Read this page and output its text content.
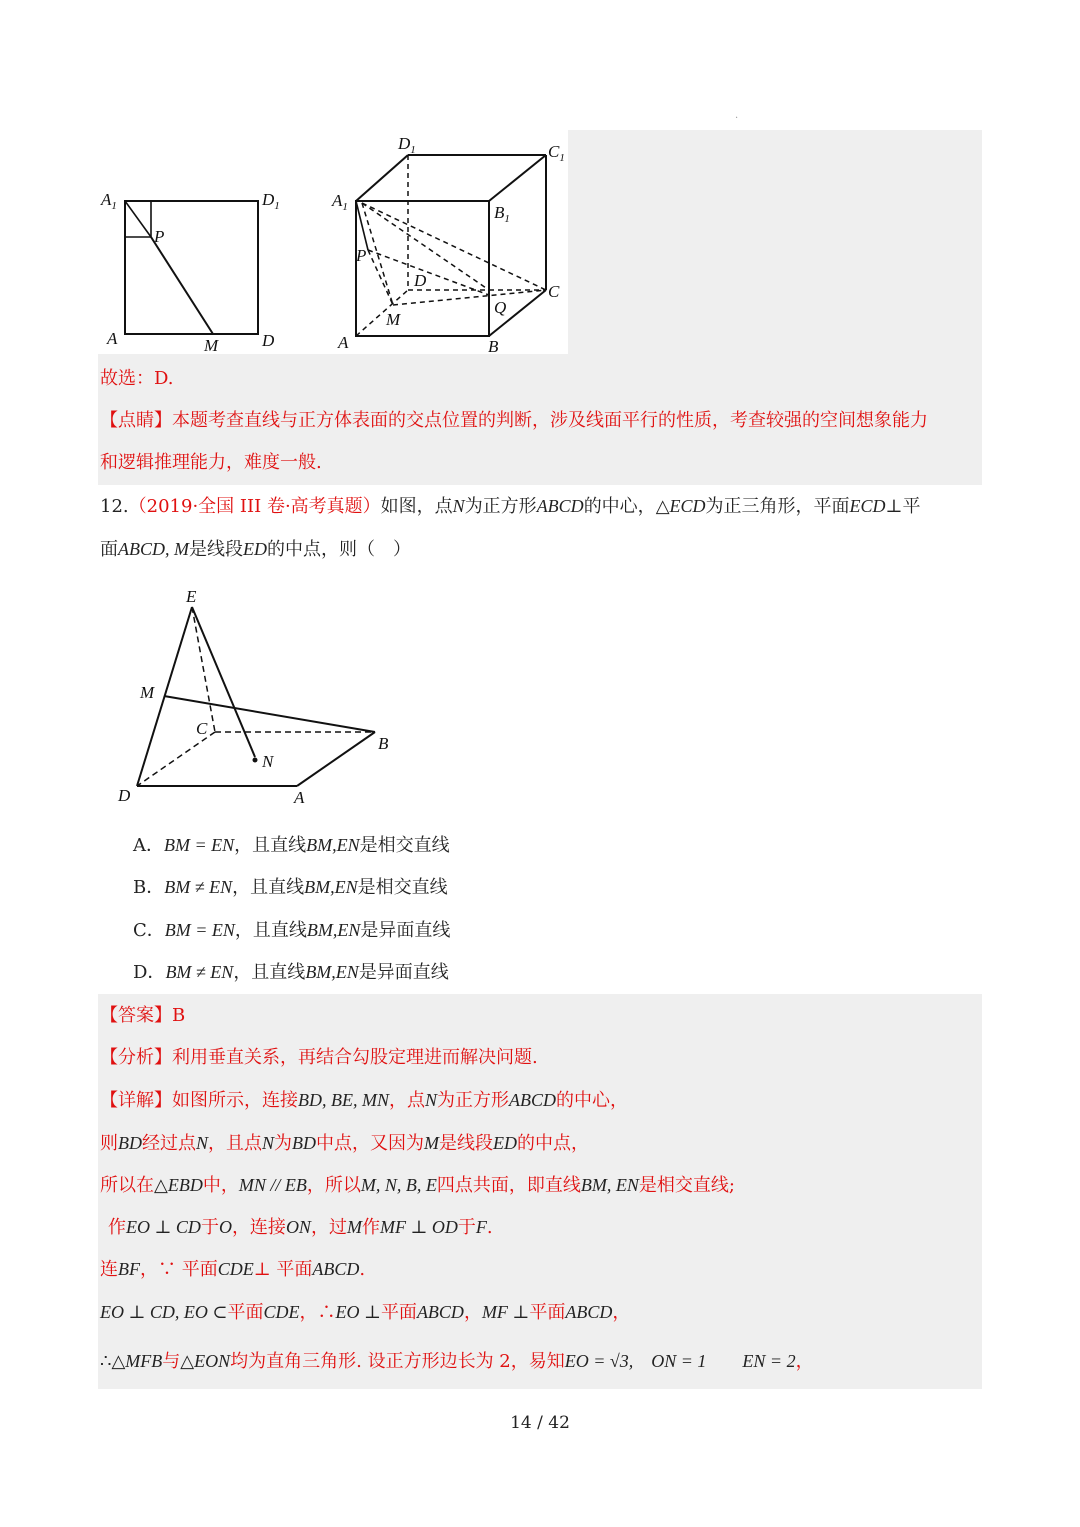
.
$A_1$	$D_1$
P
A	D
M
$D_1$	$C_1$
$A_1$	$B_1$
P
D
C
Q
M
A	B
故选：D.
【点睛】本题考查直线与正方体表面的交点位置的判断，涉及线面平行的性质，考查较强的空间想象能力
和逻辑推理能力，难度一般.
12.（2019·全国 III 卷·高考真题）如图，点N为正方形ABCD的中心，△ECD为正三角形，平面ECD⊥平
面ABCD, M是线段ED的中点，则（　）
E
M
C
B
N
D	A
A．BM = EN，且直线BM,EN是相交直线
B．BM ≠ EN，且直线BM,EN是相交直线
C．BM = EN，且直线BM,EN是异面直线
D．BM ≠ EN，且直线BM,EN是异面直线
【答案】B
【分析】利用垂直关系，再结合勾股定理进而解决问题.
【详解】如图所示，连接BD, BE, MN，点N为正方形ABCD的中心，
则BD经过点N，且点N为BD中点，又因为M是线段ED的中点，
所以在△EBD中，MN // EB，所以M, N, B, E四点共面，即直线BM, EN是相交直线;
作EO ⊥ CD于O，连接ON，过M作MF ⊥ OD于F.
连BF，∵ 平面CDE⊥ 平面ABCD.
EO ⊥ CD, EO ⊂平面CDE，∴EO ⊥平面ABCD，MF ⊥平面ABCD，
∴△MFB与△EON均为直角三角形. 设正方形边长为 2，易知EO = √3,　ON = 1　　EN = 2，
14 / 42
